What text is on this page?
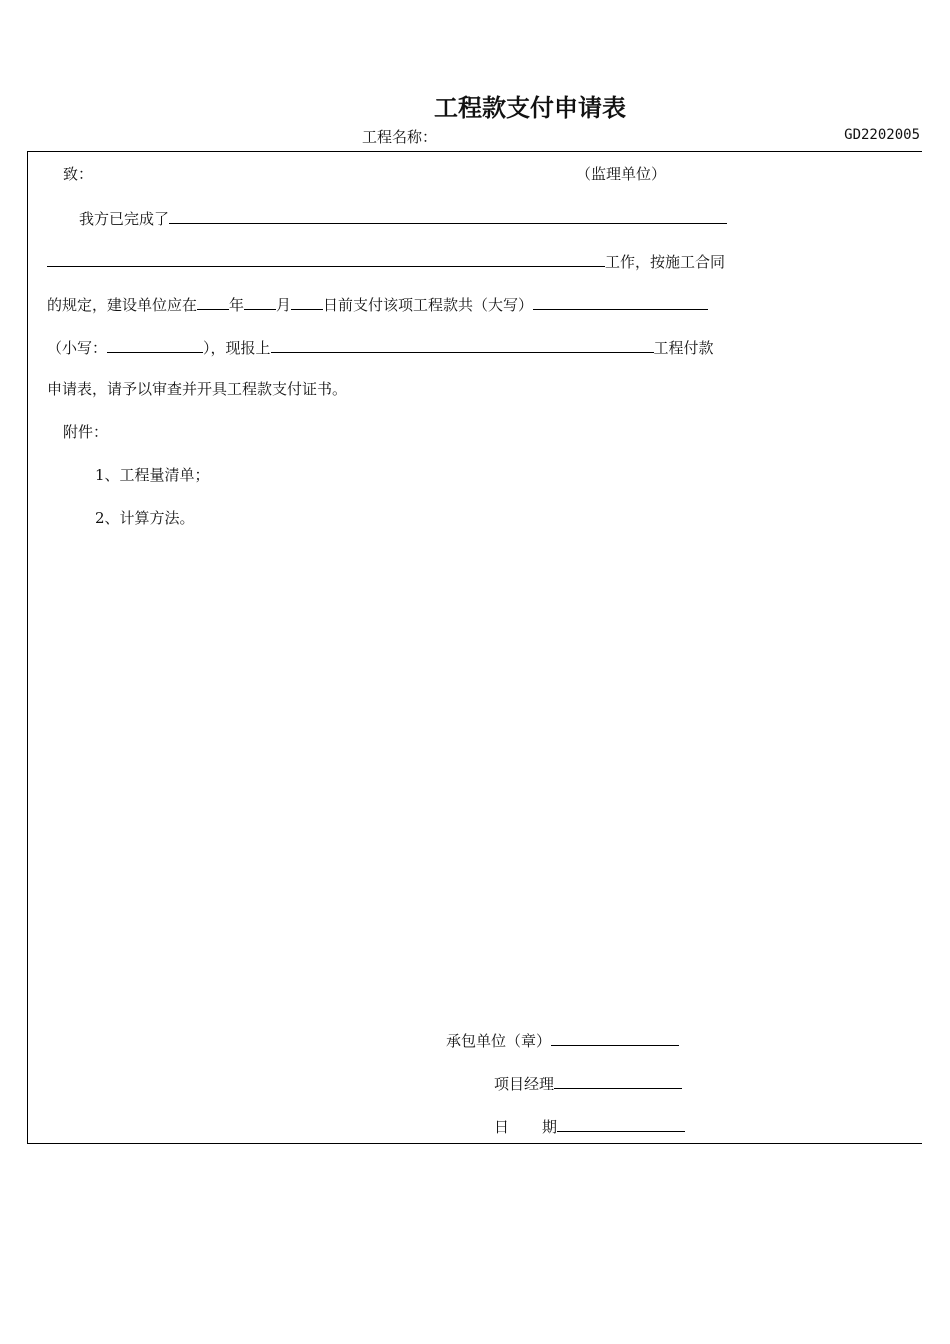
工程款支付申请表
工程名称：	GD2202005
致：	（监理单位）
我方已完成了
工作，按施工合同
的规定，建设单位应在 年 月 日前支付该项工程款共（大写）
（小写：	），现报上	工程付款
申请表，请予以审查并开具工程款支付证书。
附件：
1、工程量清单；
2、计算方法。
承包单位（章）
项目经理
日 期
